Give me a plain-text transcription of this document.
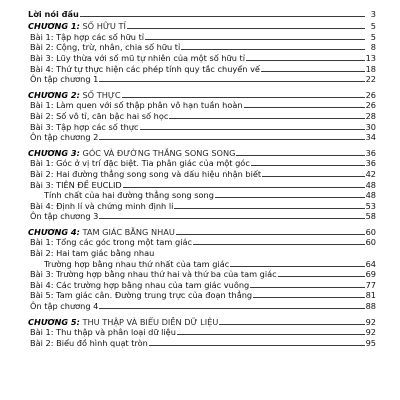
Lời nói đầu	3
CHƯƠNG 1: SỐ HỮU TỈ	5
Bài 1: Tập hợp các số hữu tỉ	5
Bài 2: Cộng, trừ, nhân, chia số hữu tỉ	8
Bài 3: Lũy thừa với số mũ tự nhiên của một số hữu tỉ	13
Bài 4: Thứ tự thực hiện các phép tính quy tắc chuyển vế	18
Ôn tập chương 1	22
CHƯƠNG 2: SỐ THỰC	26
Bài 1: Làm quen với số thập phân vô hạn tuần hoàn	26
Bài 2: Số vô tỉ, căn bậc hai số học	28
Bài 3: Tập hợp các số thực	30
Ôn tập chương 2	34
CHƯƠNG 3: GÓC VÀ ĐƯỜNG THẲNG SONG SONG	36
Bài 1: Góc ở vị trí đặc biệt. Tia phân giác của một góc	36
Bài 2: Hai đường thẳng song song và dấu hiệu nhận biết	42
Bài 3: TIÊN ĐỀ EUCLID	48
Tính chất của hai đường thẳng song song	48
Bài 4: Định lí và chứng minh định lí	53
Ôn tập chương 3	58
CHƯƠNG 4: TAM GIÁC BẰNG NHAU	60
Bài 1: Tổng các góc trong một tam giác	60
Bài 2: Hai tam giác bằng nhau
Trường hợp bằng nhau thứ nhất của tam giác	64
Bài 3: Trường hợp bằng nhau thứ hai và thứ ba của tam giác	69
Bài 4: Các trường hợp bằng nhau của tam giác vuông	77
Bài 5: Tam giác cân. Đường trung trực của đoạn thẳng	81
Ôn tập chương 4	88
CHƯƠNG 5: THU THẬP VÀ BIỂU DIỄN DỮ LIỆU	92
Bài 1: Thu thập và phân loại dữ liệu	92
Bài 2: Biểu đồ hình quạt tròn	95
